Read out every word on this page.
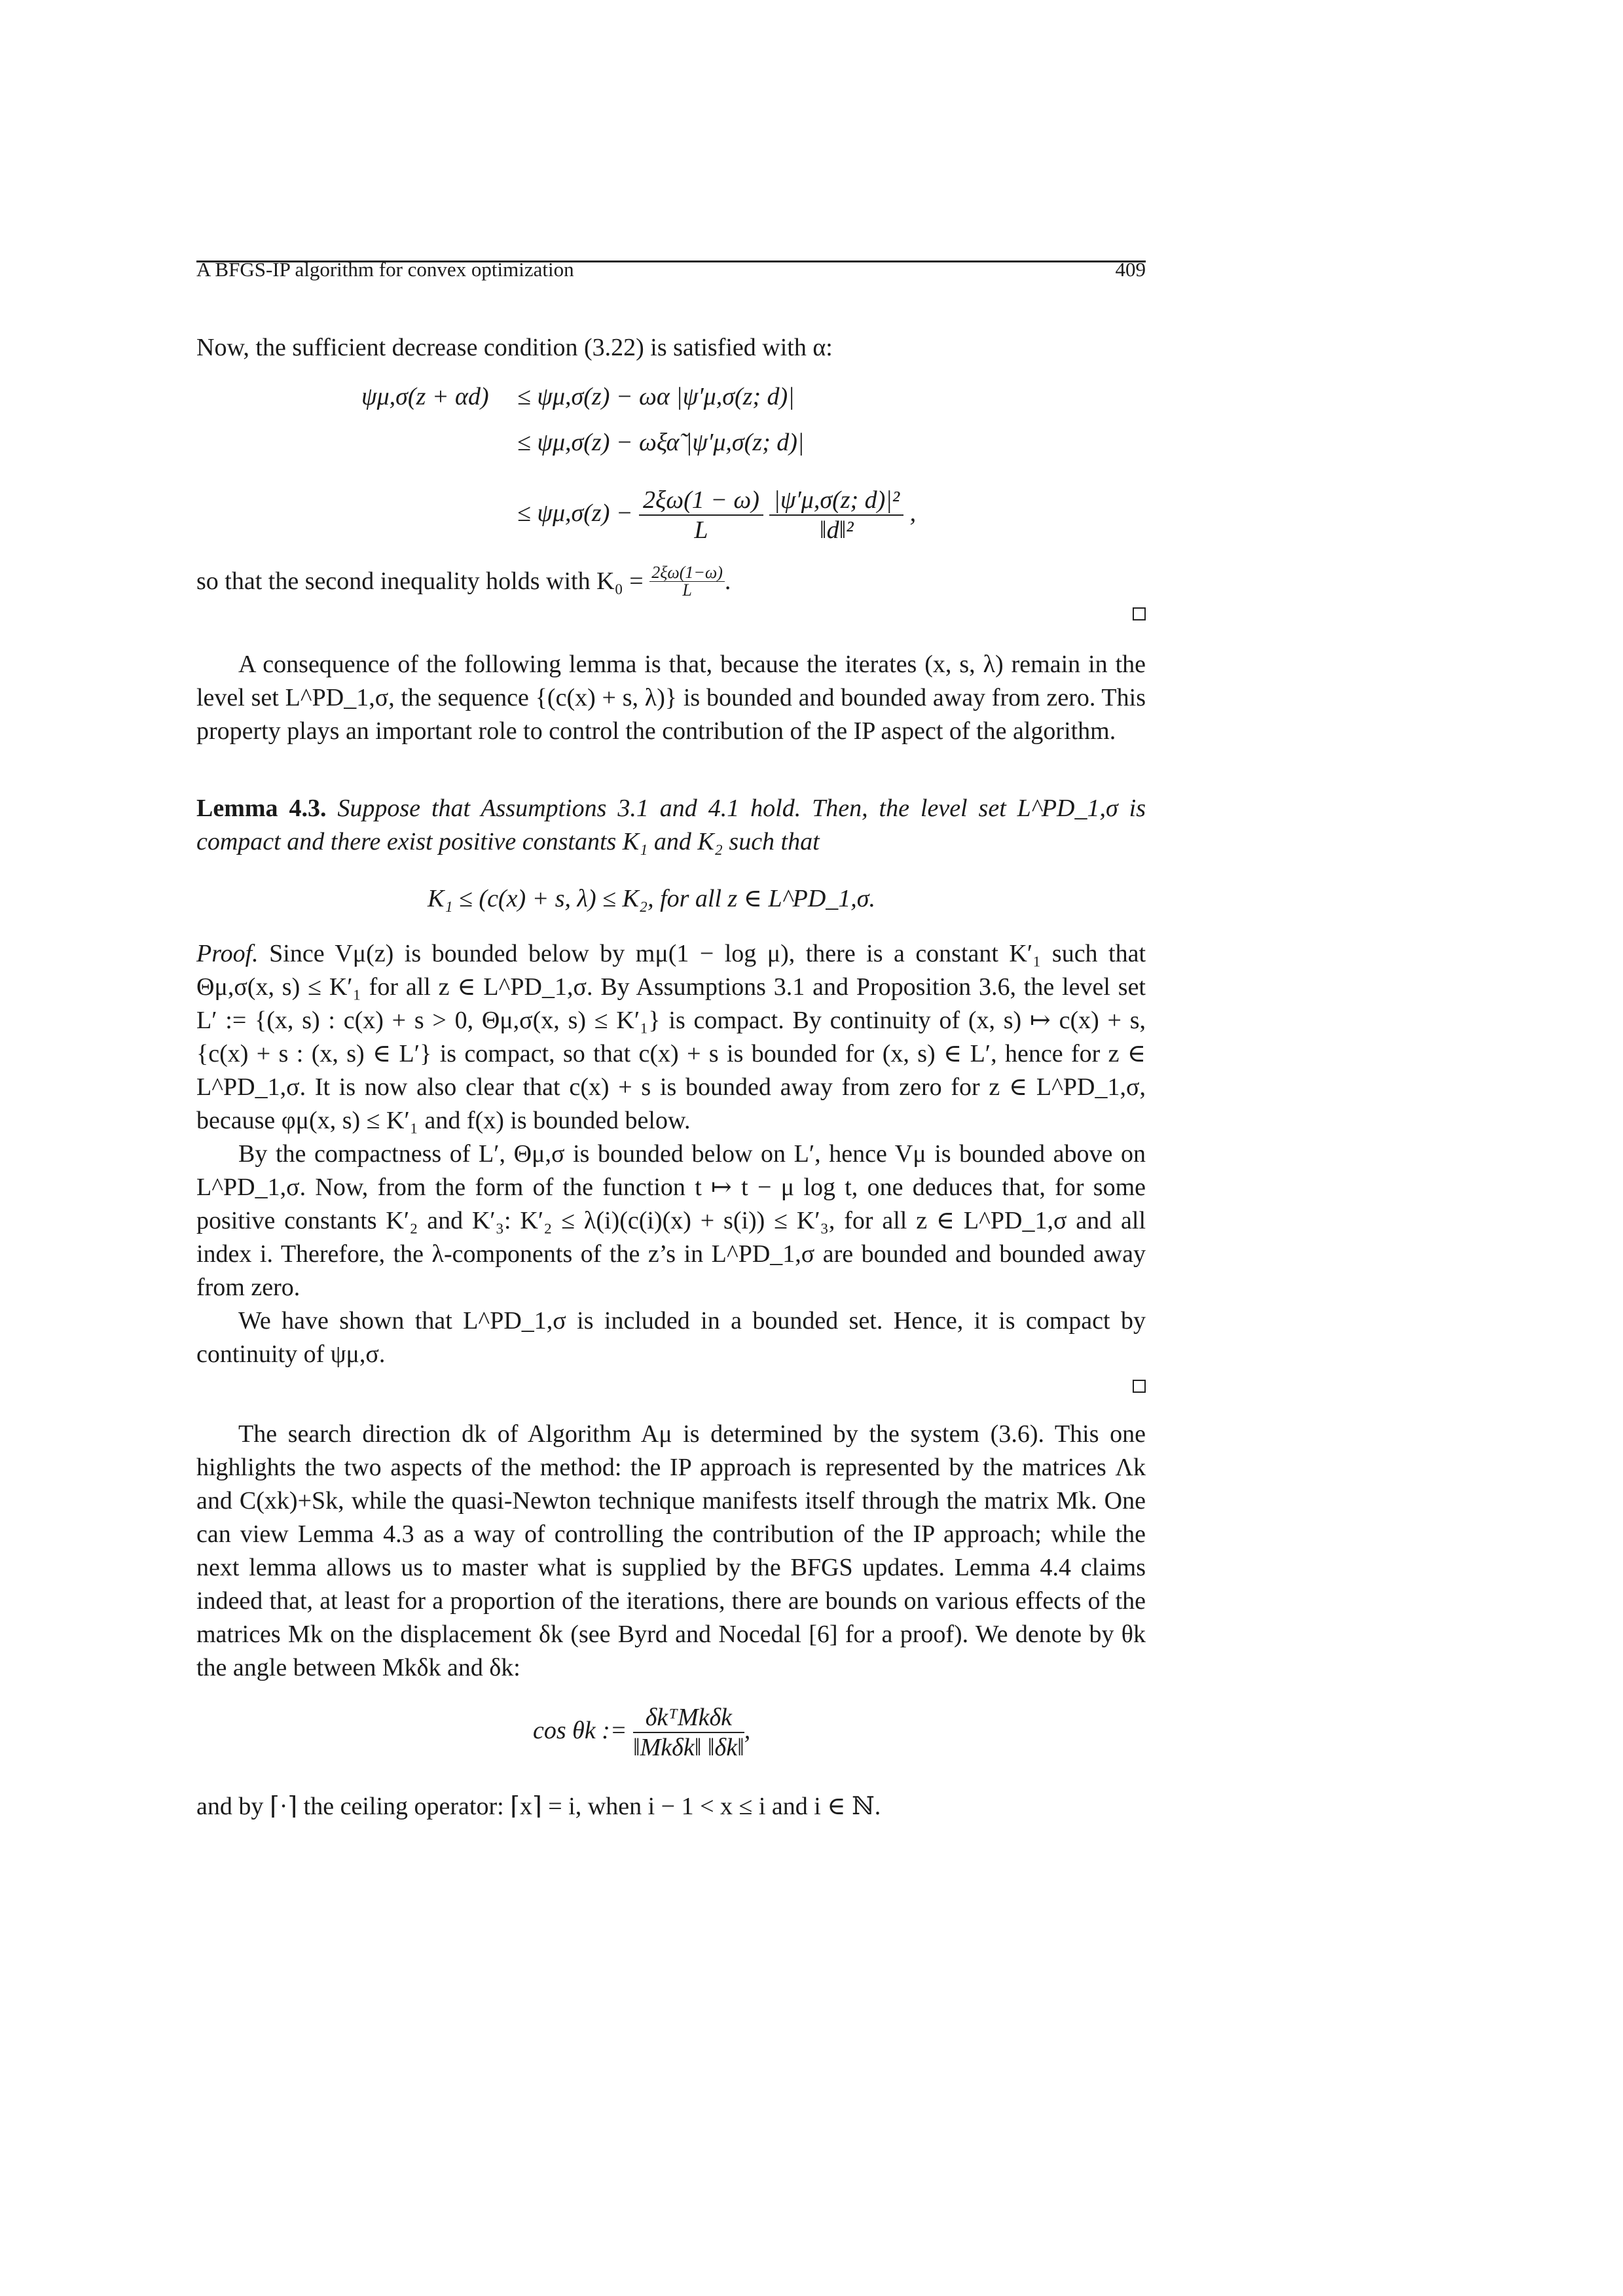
A BFGS-IP algorithm for convex optimization	409

Now, the sufficient decrease condition (3.22) is satisfied with α:

ψμ,σ(z + αd) ≤ ψμ,σ(z) − ωα |ψ′μ,σ(z; d)|
≤ ψμ,σ(z) − ωξα̃ |ψ′μ,σ(z; d)|
≤ $\psi\mu,\sigma(z) - \frac{2\xi\omega(1 - \omega)}{L}$
$\frac{\text{|ψ′μ,σ(z; d)|²}}{\text{‖d‖²}}$ ,
so that the second inequality holds with $K_0 = \frac{2\xi\omega(1-\omega)}{L}$ .

A consequence of the following lemma is that, because the iterates (x, s, λ) remain in the level set L^PD_1,σ, the sequence {(c(x) + s, λ)} is bounded and bounded away from zero. This property plays an important role to control the contribution of the IP aspect of the algorithm.

Lemma 4.3. Suppose that Assumptions 3.1 and 4.1 hold. Then, the level set L^PD_1,σ is compact and there exist positive constants K₁ and K₂ such that

K₁ ≤ (c(x) + s, λ) ≤ K₂, for all z ∈ L^PD_1,σ.

Proof. Since Vμ(z) is bounded below by mμ(1 − log μ), there is a constant K′₁ such that Θμ,σ(x, s) ≤ K′₁ for all z ∈ L^PD_1,σ. By Assumptions 3.1 and Proposition 3.6, the level set L′ := {(x, s) : c(x) + s > 0, Θμ,σ(x, s) ≤ K′₁} is compact. By continuity of (x, s) ↦ c(x) + s, {c(x) + s : (x, s) ∈ L′} is compact, so that c(x) + s is bounded for (x, s) ∈ L′, hence for z ∈ L^PD_1,σ. It is now also clear that c(x) + s is bounded away from zero for z ∈ L^PD_1,σ, because φμ(x, s) ≤ K′₁ and f(x) is bounded below.

By the compactness of L′, Θμ,σ is bounded below on L′, hence Vμ is bounded above on L^PD_1,σ. Now, from the form of the function t ↦ t − μ log t, one deduces that, for some positive constants K′₂ and K′₃: K′₂ ≤ λ(i)(c(i)(x) + s(i)) ≤ K′₃, for all z ∈ L^PD_1,σ and all index i. Therefore, the λ-components of the z’s in L^PD_1,σ are bounded and bounded away from zero.

We have shown that L^PD_1,σ is included in a bounded set. Hence, it is compact by continuity of ψμ,σ.

The search direction dk of Algorithm Aμ is determined by the system (3.6). This one highlights the two aspects of the method: the IP approach is represented by the matrices Λk and C(xk)+Sk, while the quasi-Newton technique manifests itself through the matrix Mk. One can view Lemma 4.3 as a way of controlling the contribution of the IP approach; while the next lemma allows us to master what is supplied by the BFGS updates. Lemma 4.4 claims indeed that, at least for a proportion of the iterations, there are bounds on various effects of the matrices Mk on the displacement δk (see Byrd and Nocedal [6] for a proof). We denote by θk the angle between Mkδk and δk:

cos θk := $\frac{\text{δkᵀMkδk}}{\text{‖Mkδk‖ ‖δk‖}}$ ,

and by ⌈·⌉ the ceiling operator: ⌈x⌉ = i, when i − 1 < x ≤ i and i ∈ ℕ.
